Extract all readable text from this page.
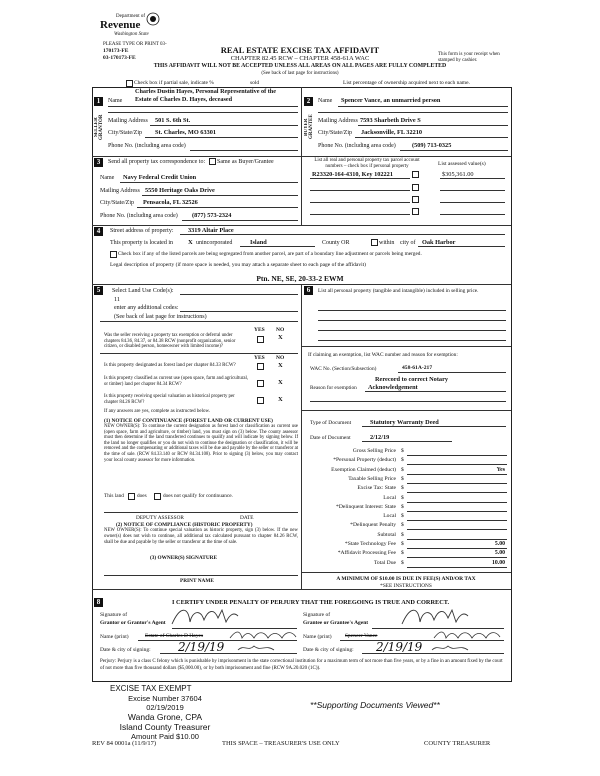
Department of
Revenue
Washington State
PLEASE TYPE OR PRINT 03-
170173-FE
03-170173-FE
REAL ESTATE EXCISE TAX AFFIDAVIT
CHAPTER 82.45 RCW – CHAPTER 458-61A WAC
THIS AFFIDAVIT WILL NOT BE ACCEPTED UNLESS ALL AREAS ON ALL PAGES ARE FULLY COMPLETED
(See back of last page for instructions)
This form is your receipt when stamped by cashier.
Check box if partial sale, indicate %	sold	List percentage of ownership acquired next to each name.
1
SELLER GRANTOR
Name
Charles Dustin Hayes, Personal Representative of the
Estate of Charles D. Hayes, deceased
Mailing Address 501 S. 6th St.
City/State/Zip St. Charles, MO 63301
Phone No. (including area code)
2
BUYER GRANTEE
Name Spencer Vance, an unmarried person
Mailing Address 7593 Sharbeth Drive S
City/State/Zip Jacksonville, FL 32210
Phone No. (including area code)	(509) 713-0325
3	Send all property tax correspondence to: Same as Buyer/Grantee
Name Navy Federal Credit Union
Mailing Address 5550 Heritage Oaks Drive
City/State/Zip Pensacola, FL 32526
Phone No. (including area code) (877) 573-2324
List all real and personal property tax parcel account numbers – check box if personal property	List assessed value(s)
R23320-164-4310, Key 102221	$305,361.00
4	Street address of property: 3319 Altair Place
This property is located in X unincorporated	Island	County OR	within city of Oak Harbor
Check box if any of the listed parcels are being segregated from another parcel, are part of a boundary line adjustment or parcels being merged.
Legal description of property (if more space is needed, you may attach a separate sheet to each page of the affidavit)
Ptn. NE, SE, 20-33-2 EWM
5	Select Land Use Code(s):
11
enter any additional codes:
(See back of last page for instructions)
YES NO
Was the seller receiving a property tax exemption or deferral under chapters 84.36, 84.37, or 84.38 RCW (nonprofit organization, senior citizen, or disabled person, homeowner with limited income)?
X
YES NO
Is this property designated as forest land per chapter 84.33 RCW?	X
Is this property classified as current use (open space, farm and agricultural, or timber) land per chapter 84.34 RCW?	X
Is this property receiving special valuation as historical property per chapter 84.26 RCW?	X
If any answers are yes, complete as instructed below.
(1) NOTICE OF CONTINUANCE (FOREST LAND OR CURRENT USE)
NEW OWNER(S): To continue the current designation as forest land or classification as current use (open space, farm and agriculture, or timber) land, you must sign on (3) below. The county assessor must then determine if the land transferred continues to qualify and will indicate by signing below. If the land no longer qualifies or you do not wish to continue the designation or classification, it will be removed and the compensating or additional taxes will be due and payable by the seller or transferor at the time of sale. (RCW 84.33.140 or RCW 84.34.108). Prior to signing (3) below, you may contact your local county assessor for more information.
This land does	does not qualify for continuance.
DEPUTY ASSESSOR	DATE
(2) NOTICE OF COMPLIANCE (HISTORIC PROPERTY)
NEW OWNER(S): To continue special valuation as historic property, sign (3) below. If the new owner(s) does not wish to continue, all additional tax calculated pursuant to chapter 84.26 RCW, shall be due and payable by the seller or transferor at the time of sale.
(3) OWNER(S) SIGNATURE
PRINT NAME
6	List all personal property (tangible and intangible) included in selling price.
If claiming an exemption, list WAC number and reason for exemption:
WAC No. (Section/Subsection)	458-61A-217
Rerecord to correct Notary
Reason for exemption Acknowledgement
Type of Document	Statutory Warranty Deed
Date of Document	2/12/19
Gross Selling Price $
*Personal Property (deduct) $
Exemption Claimed (deduct) $	Yes
Taxable Selling Price $
Excise Tax: State $
Local $
*Delinquent Interest: State $
Local $
*Delinquent Penalty $
Subtotal $
*State Technology Fee $	5.00
*Affidavit Processing Fee $	5.00
Total Due $	10.00
A MINIMUM OF $10.00 IS DUE IN FEE(S) AND/OR TAX
*SEE INSTRUCTIONS
8	I CERTIFY UNDER PENALTY OF PERJURY THAT THE FOREGOING IS TRUE AND CORRECT.
Signature of
Grantor or Grantor's Agent
Signature of
Grantee or Grantee's Agent
Name (print)	Estate of Charles D Hayes	Name (print) Spencer Vance
Date & city of signing: 2/19/19	Date & city of signing: 2/19/19
Perjury: Perjury is a class C felony which is punishable by imprisonment in the state correctional institution for a maximum term of not more than five years, or by a fine in an amount fixed by the court of not more than five thousand dollars ($5,000.00), or by both imprisonment and fine (RCW 9A.20.020 (1C)).
EXCISE TAX EXEMPT
Excise Number 37604
02/19/2019
Wanda Grone, CPA
Island County Treasurer
Amount Paid $10.00
**Supporting Documents Viewed**
REV 84 0001a (11/9/17)	THIS SPACE – TREASURER'S USE ONLY	COUNTY TREASURER
